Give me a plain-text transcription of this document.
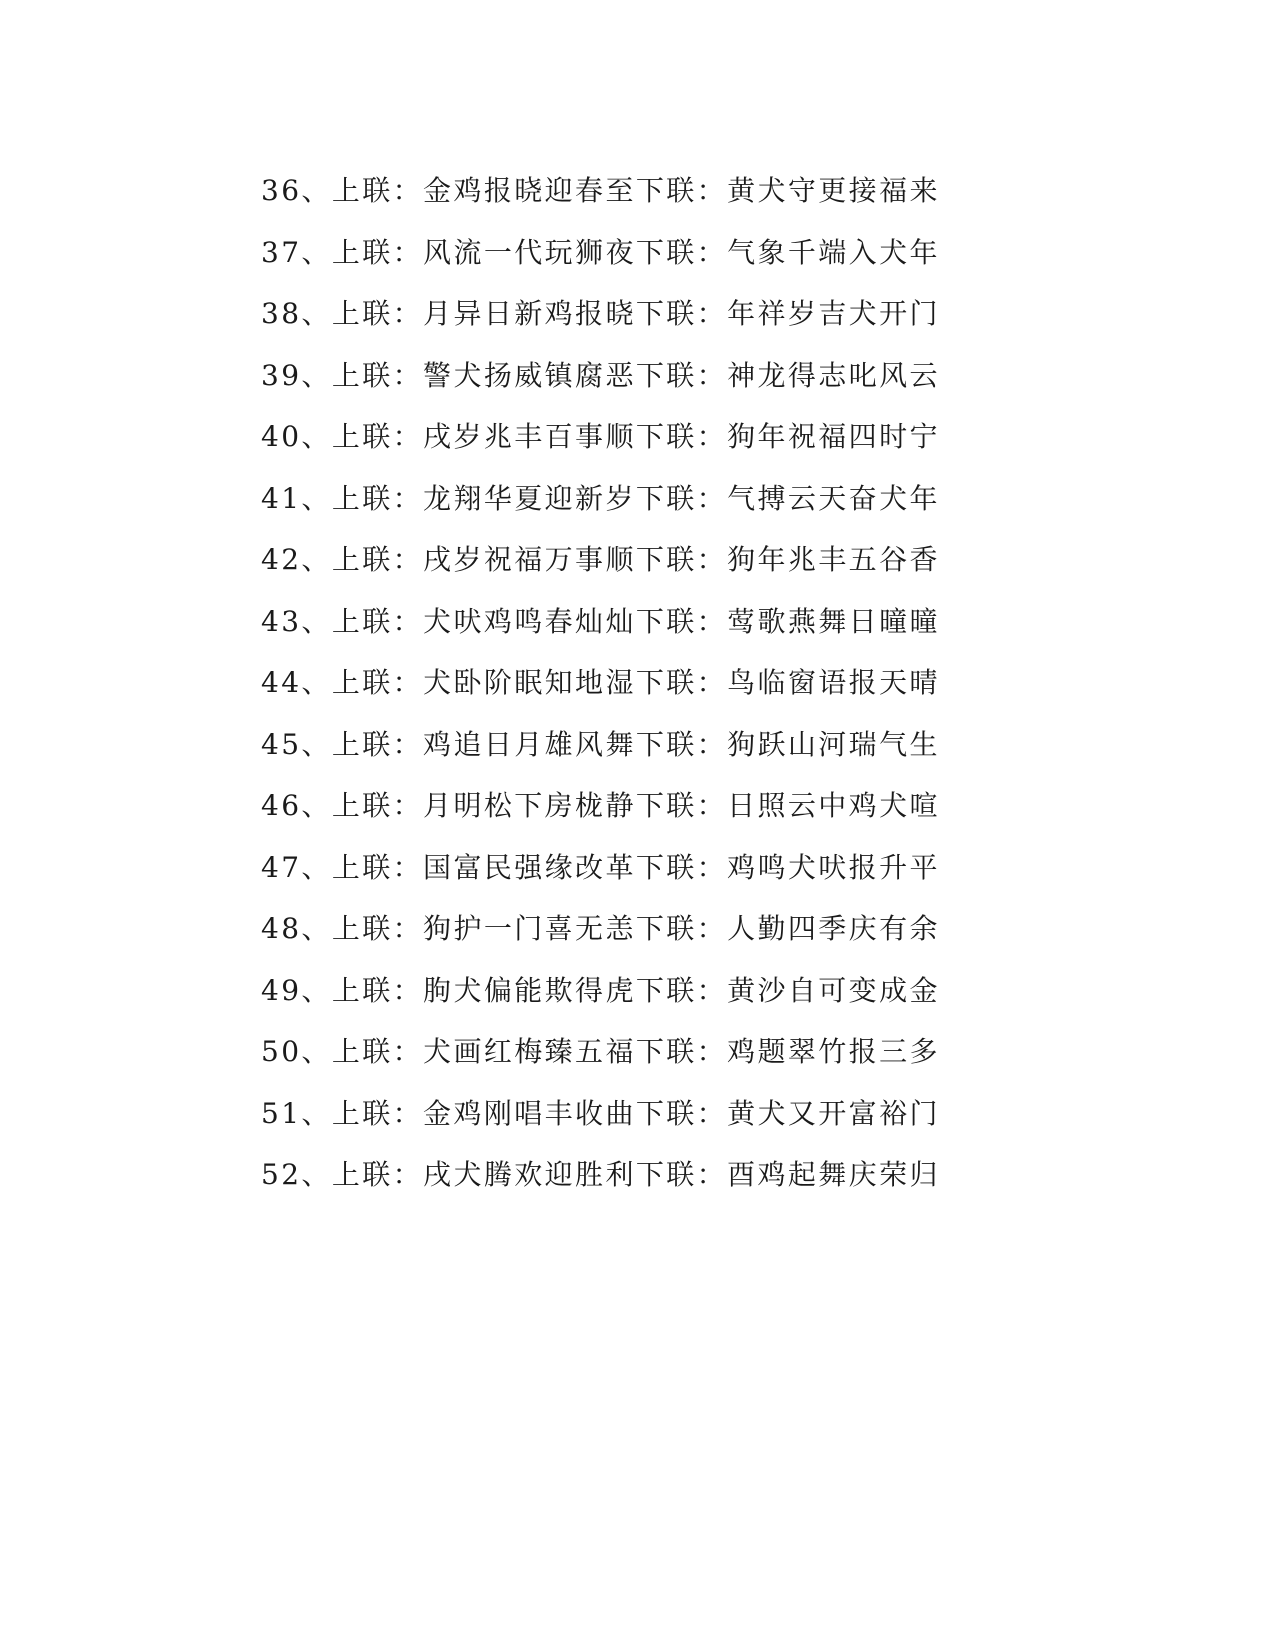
36、上联：金鸡报晓迎春至下联：黄犬守更接福来
37、上联：风流一代玩狮夜下联：气象千端入犬年
38、上联：月异日新鸡报晓下联：年祥岁吉犬开门
39、上联：警犬扬威镇腐恶下联：神龙得志叱风云
40、上联：戌岁兆丰百事顺下联：狗年祝福四时宁
41、上联：龙翔华夏迎新岁下联：气搏云天奋犬年
42、上联：戌岁祝福万事顺下联：狗年兆丰五谷香
43、上联：犬吠鸡鸣春灿灿下联：莺歌燕舞日曈曈
44、上联：犬卧阶眠知地湿下联：鸟临窗语报天晴
45、上联：鸡追日月雄风舞下联：狗跃山河瑞气生
46、上联：月明松下房栊静下联：日照云中鸡犬喧
47、上联：国富民强缘改革下联：鸡鸣犬吠报升平
48、上联：狗护一门喜无恙下联：人勤四季庆有余
49、上联：朐犬偏能欺得虎下联：黄沙自可变成金
50、上联：犬画红梅臻五福下联：鸡题翠竹报三多
51、上联：金鸡刚唱丰收曲下联：黄犬又开富裕门
52、上联：戌犬腾欢迎胜利下联：酉鸡起舞庆荣归
